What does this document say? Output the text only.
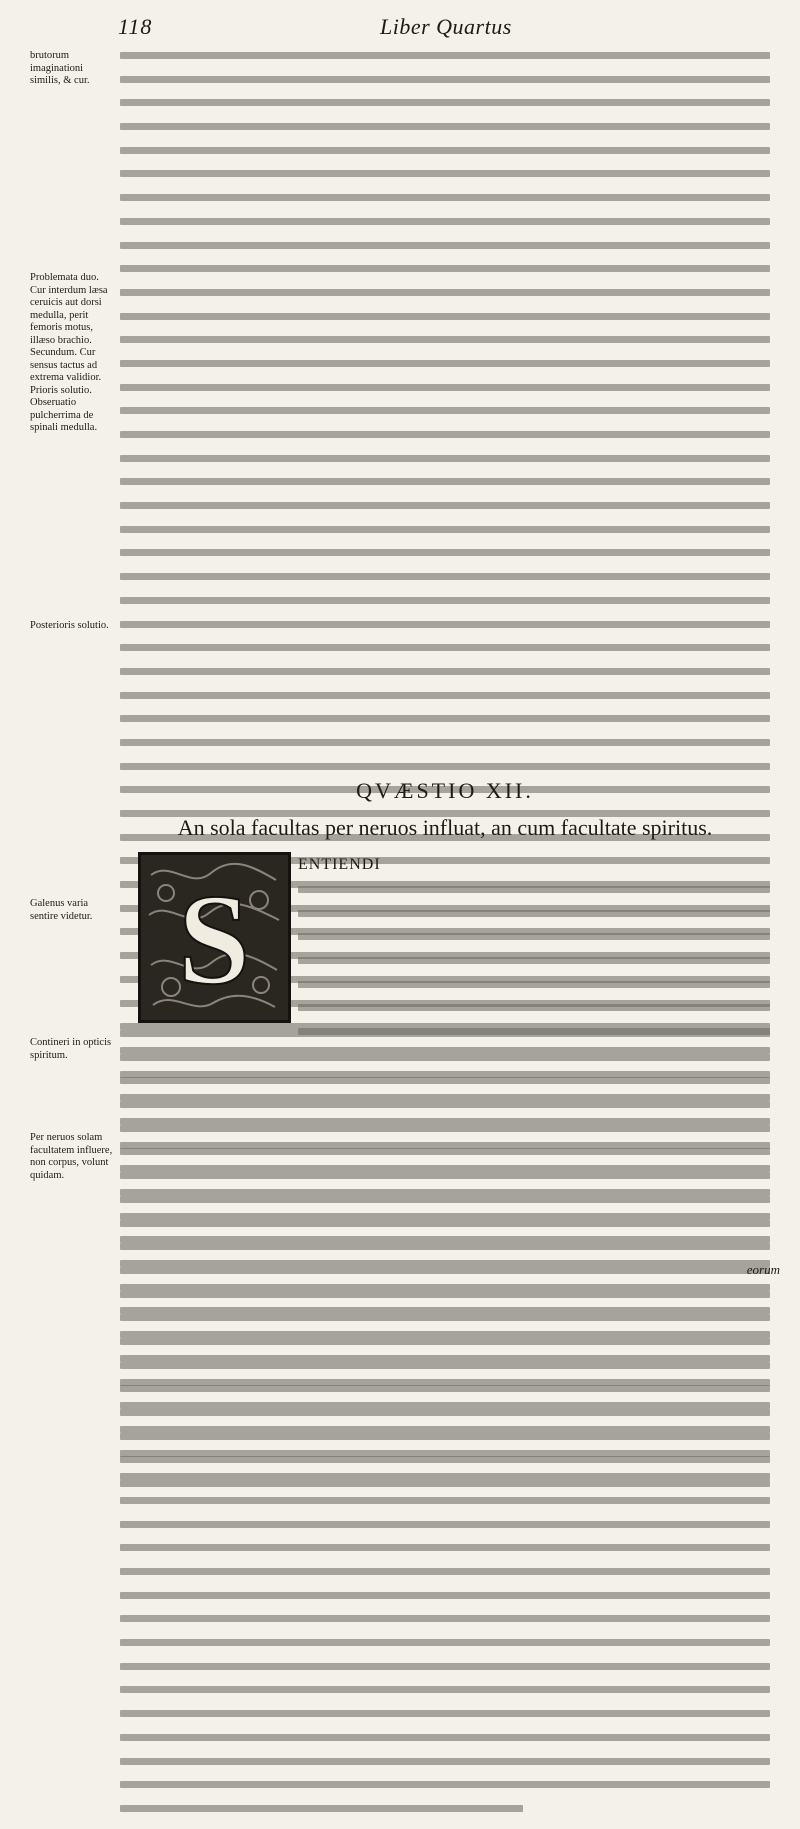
118	Liber Quartus
brutorum imaginationi similis, & cur.
Problemata duo. Cur interdum læsa ceruicis aut dorsi medulla, perit femoris motus, illæso brachio. Secundum. Cur sensus tactus ad extrema validior. Prioris solutio. Obseruatio pulcherrima de spinali medulla.
Posterioris solutio.
Galenus varia sentire videtur.
Contineri in opticis spiritum.
Per neruos solam facultatem influere, non corpus, volunt quidam.
QVÆSTIO XII.
An sola facultas per neruos influat, an cum facultate spiritus.
S
ENTIENDI
eorum
